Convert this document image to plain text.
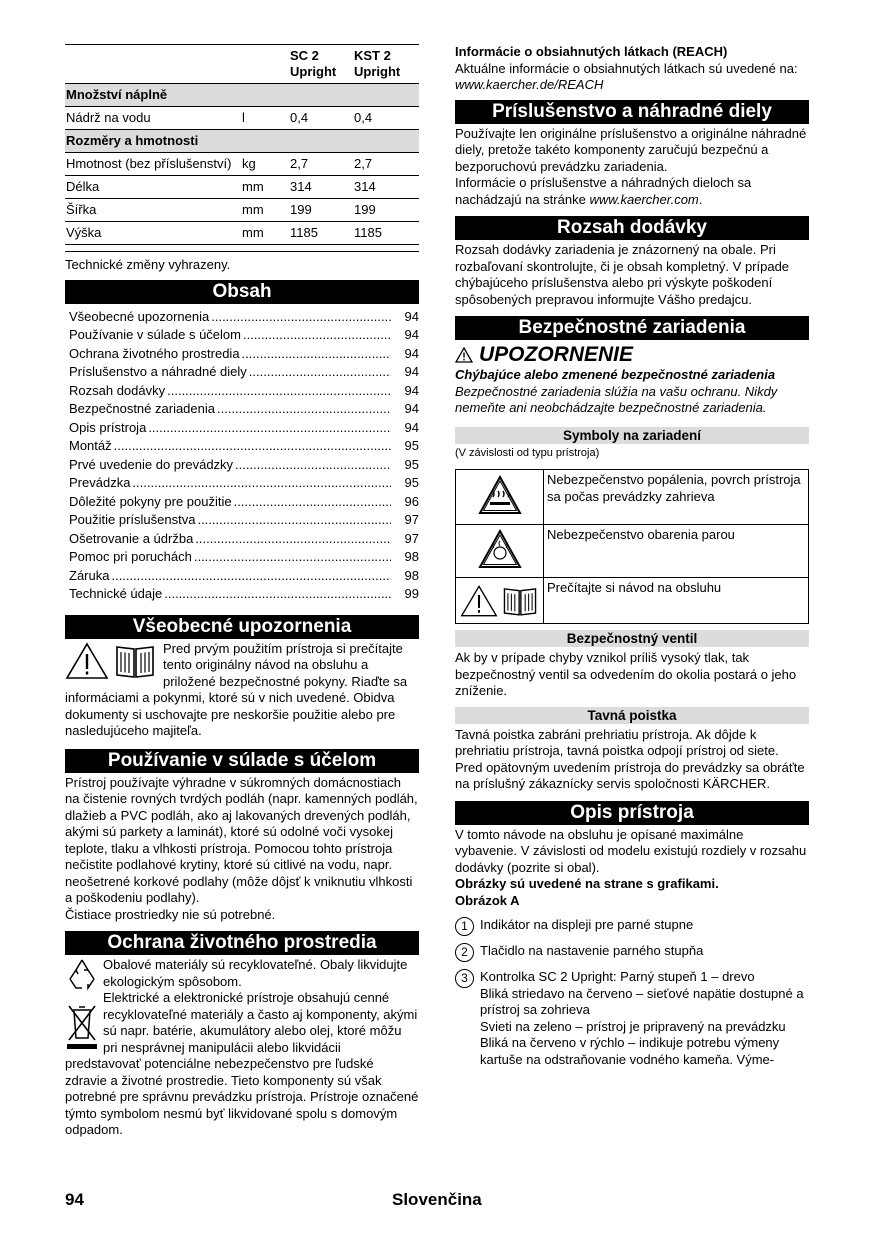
		SC 2 Upright	KST 2 Upright
Množství náplně			
Nádrž na vodu	l	0,4	0,4
Rozměry a hmotnosti			
Hmotnost (bez příslušenství)	kg	2,7	2,7
Délka	mm	314	314
Šířka	mm	199	199
Výška	mm	1185	1185

Technické změny vyhrazeny.

Obsah
Všeobecné upozornenia .....	94
Používanie v súlade s účelom .....	94
Ochrana životného prostredia .....	94
Príslušenstvo a náhradné diely .....	94
Rozsah dodávky .....	94
Bezpečnostné zariadenia .....	94
Opis prístroja .....	94
Montáž .....	95
Prvé uvedenie do prevádzky .....	95
Prevádzka .....	95
Dôležité pokyny pre použitie .....	96
Použitie príslušenstva .....	97
Ošetrovanie a údržba .....	97
Pomoc pri poruchách .....	98
Záruka .....	98
Technické údaje .....	99
Všeobecné upozornenia

Pred prvým použitím prístroja si prečítajte tento originálny návod na obsluhu a priložené bezpečnostné pokyny. Riaďte sa informáciami a pokynmi, ktoré sú v nich uvedené. Obidva dokumenty si uschovajte pre neskoršie použitie alebo pre nasledujúceho majiteľa.

Používanie v súlade s účelom

Prístroj používajte výhradne v súkromných domácnostiach na čistenie rovných tvrdých podláh (napr. kamenných podláh, dlažieb a PVC podláh, ako aj lakovaných drevených podláh, akými sú parkety a laminát), ktoré sú odolné voči vysokej teplote, tlaku a vlhkosti prístroja. Pomocou tohto prístroja nečistite podlahové krytiny, ktoré sú citlivé na vodu, napr. neošetrené korkové podlahy (môže dôjsť k vniknutiu vlhkosti a poškodeniu podlahy).

Čistiace prostriedky nie sú potrebné.

Ochrana životného prostredia

Obalové materiály sú recyklovateľné. Obaly likvidujte ekologickým spôsobom.

Elektrické a elektronické prístroje obsahujú cenné recyklovateľné materiály a často aj komponenty, akými sú napr. batérie, akumulátory alebo olej, ktoré môžu pri nesprávnej manipulácii alebo likvidácii predstavovať potenciálne nebezpečenstvo pre ľudské zdravie a životné prostredie. Tieto komponenty sú však potrebné pre správnu prevádzku prístroja. Prístroje označené týmto symbolom nesmú byť likvidované spolu s domovým odpadom.

Informácie o obsiahnutých látkach (REACH)

Aktuálne informácie o obsiahnutých látkach sú uvedené na: www.kaercher.de/REACH

Príslušenstvo a náhradné diely

Používajte len originálne príslušenstvo a originálne náhradné diely, pretože takéto komponenty zaručujú bezpečnú a bezporuchovú prevádzku zariadenia.

Informácie o príslušenstve a náhradných dieloch sa nachádzajú na stránke www.kaercher.com.

Rozsah dodávky

Rozsah dodávky zariadenia je znázornený na obale. Pri rozbaľovaní skontrolujte, či je obsah kompletný. V prípade chýbajúceho príslušenstva alebo pri výskyte poškodení spôsobených prepravou informujte Vášho predajcu.

Bezpečnostné zariadenia
UPOZORNENIE

Chýbajúce alebo zmenené bezpečnostné zariadenia

Bezpečnostné zariadenia slúžia na vašu ochranu. Nikdy nemeňte ani neobchádzajte bezpečnostné zariadenia.

Symboly na zariadení

(V závislosti od typu prístroja)

	Nebezpečenstvo popálenia, povrch prístroja sa počas prevádzky zahrieva
	Nebezpečenstvo obarenia parou

	Prečítajte si návod na obsluhu
Bezpečnostný ventil

Ak by v prípade chyby vznikol príliš vysoký tlak, tak bezpečnostný ventil sa odvedením do okolia postará o jeho zníženie.

Tavná poistka

Tavná poistka zabráni prehriatiu prístroja. Ak dôjde k prehriatiu prístroja, tavná poistka odpojí prístroj od siete.

Pred opätovným uvedením prístroja do prevádzky sa obráťte na príslušný zákaznícky servis spoločnosti KÄRCHER.

Opis prístroja

V tomto návode na obsluhu je opísané maximálne vybavenie. V závislosti od modelu existujú rozdiely v rozsahu dodávky (pozrite si obal).

Obrázky sú uvedené na strane s grafikami.

Obrázok A

1 Indikátor na displeji pre parné stupne

2 Tlačidlo na nastavenie parného stupňa

3 Kontrolka SC 2 Upright: Parný stupeň 1 – drevo

Bliká striedavo na červeno – sieťové napätie dostupné a prístroj sa zohrieva

Svieti na zeleno – prístroj je pripravený na prevádzku

Bliká na červeno v rýchlo – indikuje potrebu výmeny kartuše na odstraňovanie vodného kameňa. Výme-

94	Slovenčina
